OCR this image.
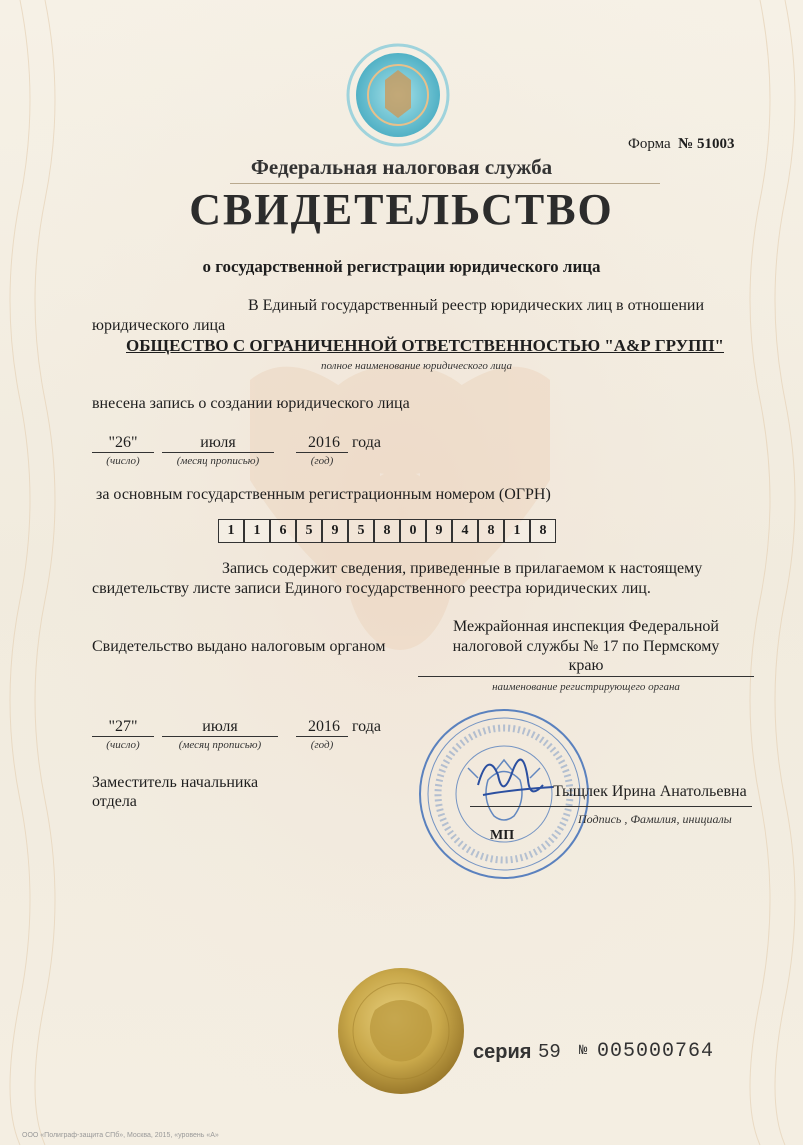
Форма № 51003
Федеральная налоговая служба
СВИДЕТЕЛЬСТВО
о государственной регистрации юридического лица
В Единый государственный реестр юридических лиц в отношении
юридического лица
ОБЩЕСТВО С ОГРАНИЧЕННОЙ ОТВЕТСТВЕННОСТЬЮ "А&Р ГРУПП"
полное наименование юридического лица
внесена запись о создании юридического лица
"26"
(число)
июля
(месяц прописью)
2016
(год)
года
за основным государственным регистрационным номером (ОГРН)
1	1	6	5	9	5	8	0	9	4	8	1	8
Запись содержит сведения, приведенные в прилагаемом к настоящему
свидетельству листе записи Единого государственного реестра юридических лиц.
Свидетельство выдано налоговым органом
Межрайонная инспекция Федеральной
налоговой службы № 17 по Пермскому
краю
наименование регистрирующего органа
"27"
(число)
июля
(месяц прописью)
2016
(год)
года
Заместитель начальника
отдела
Тыщлек Ирина Анатольевна
Подпись , Фамилия, инициалы
МП
серия 59 № 005000764
ООО «Полиграф-защита СПб», Москва, 2015, «уровень «А»
